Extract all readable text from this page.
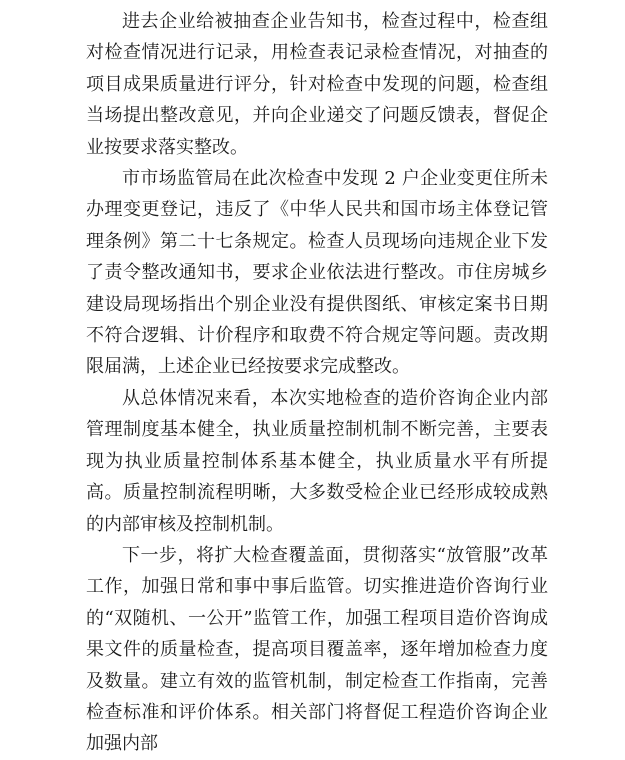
进去企业给被抽查企业告知书，检查过程中，检查组对检查情况进行记录，用检查表记录检查情况，对抽查的项目成果质量进行评分，针对检查中发现的问题，检查组当场提出整改意见，并向企业递交了问题反馈表，督促企业按要求落实整改。

市市场监管局在此次检查中发现 2 户企业变更住所未办理变更登记，违反了《中华人民共和国市场主体登记管理条例》第二十七条规定。检查人员现场向违规企业下发了责令整改通知书，要求企业依法进行整改。市住房城乡建设局现场指出个别企业没有提供图纸、审核定案书日期不符合逻辑、计价程序和取费不符合规定等问题。责改期限届满，上述企业已经按要求完成整改。

从总体情况来看，本次实地检查的造价咨询企业内部管理制度基本健全，执业质量控制机制不断完善，主要表现为执业质量控制体系基本健全，执业质量水平有所提高。质量控制流程明晰，大多数受检企业已经形成较成熟的内部审核及控制机制。

下一步，将扩大检查覆盖面，贯彻落实“放管服”改革工作，加强日常和事中事后监管。切实推进造价咨询行业的“双随机、一公开”监管工作，加强工程项目造价咨询成果文件的质量检查，提高项目覆盖率，逐年增加检查力度及数量。建立有效的监管机制，制定检查工作指南，完善检查标准和评价体系。相关部门将督促工程造价咨询企业加强内部
